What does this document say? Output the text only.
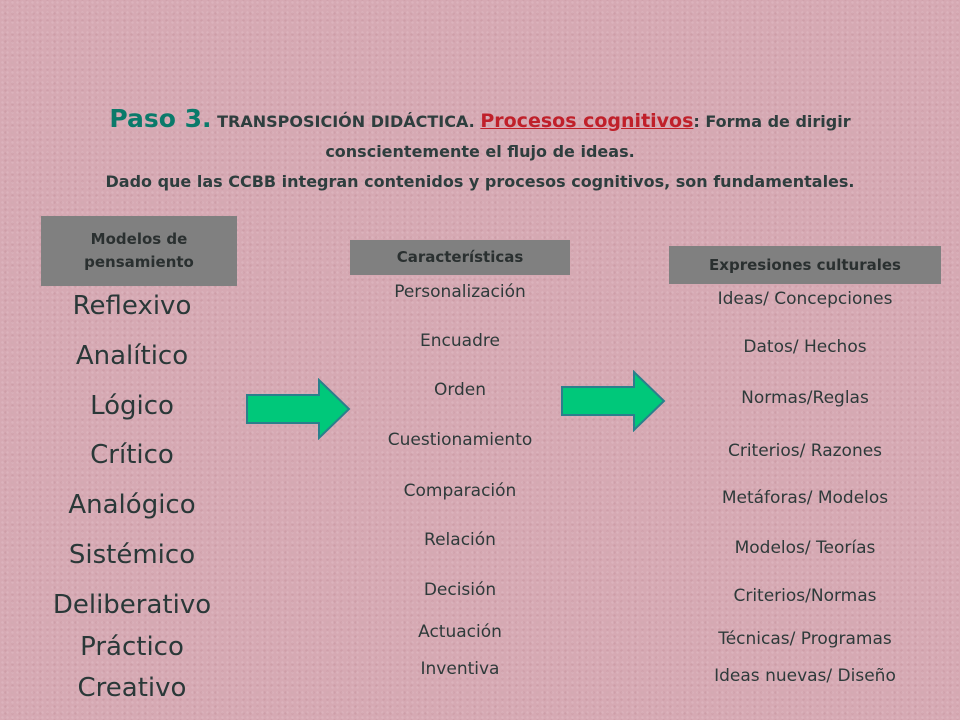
Paso 3. TRANSPOSICIÓN DIDÁCTICA. Procesos cognitivos: Forma de dirigir
conscientemente el flujo de ideas.
Dado que las CCBB integran contenidos y procesos cognitivos, son fundamentales.
Modelos de pensamiento	Características	Expresiones culturales
Reflexivo
Analítico
Lógico
Crítico
Analógico
Sistémico
Deliberativo
Práctico
Creativo
Personalización
Encuadre
Orden
Cuestionamiento
Comparación
Relación
Decisión
Actuación
Inventiva
Ideas/ Concepciones
Datos/ Hechos
Normas/Reglas
Criterios/ Razones
Metáforas/ Modelos
Modelos/ Teorías
Criterios/Normas
Técnicas/ Programas
Ideas nuevas/ Diseño
